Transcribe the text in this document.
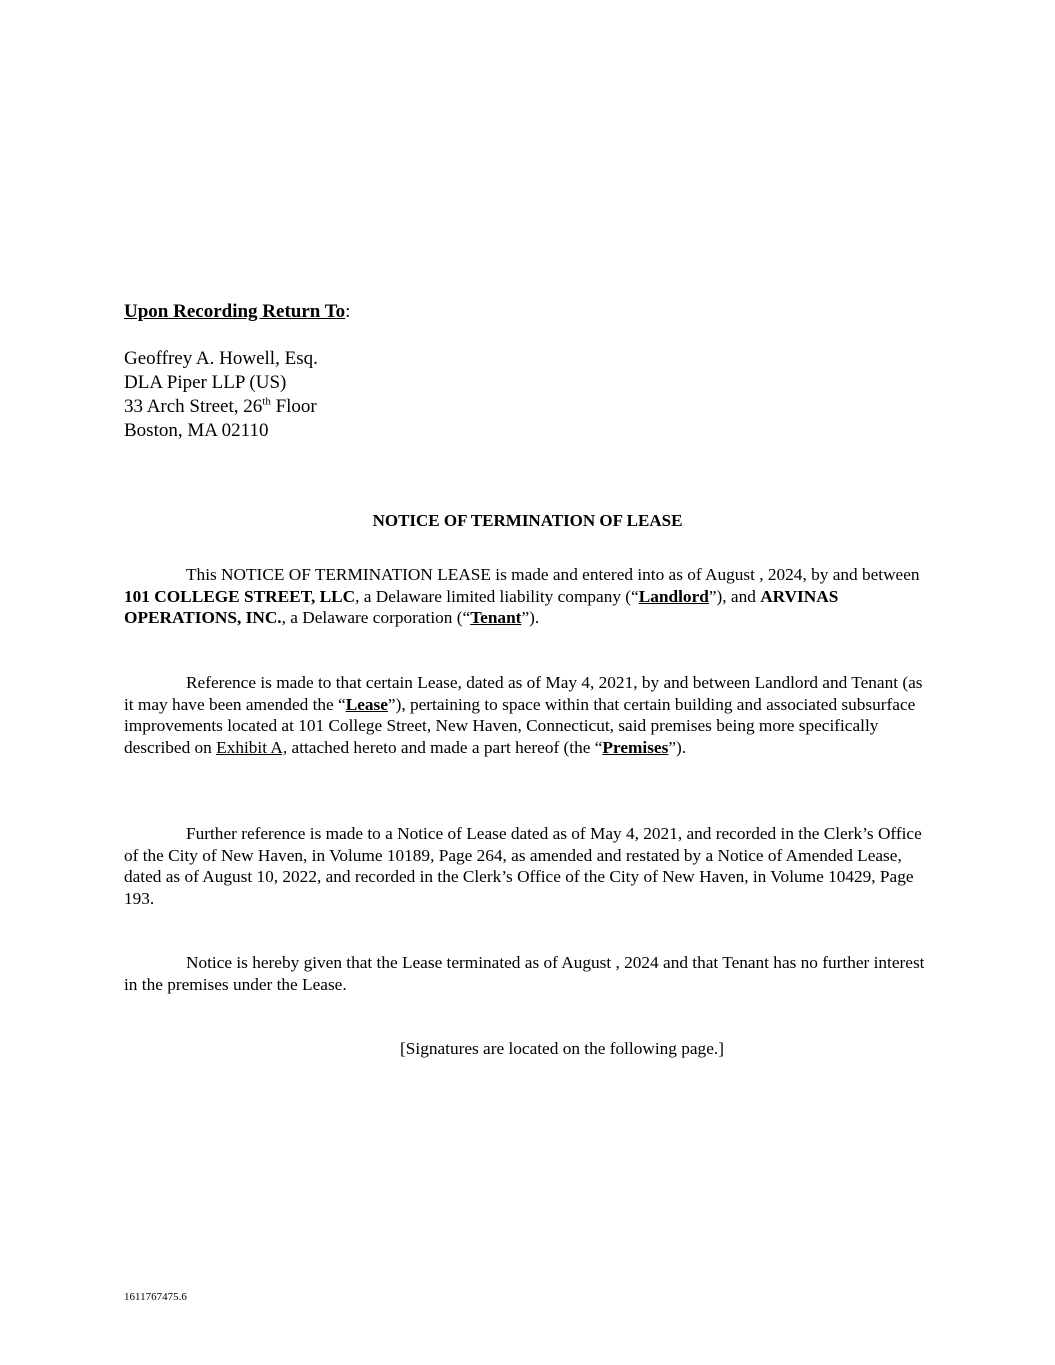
Upon Recording Return To:
Geoffrey A. Howell, Esq.
DLA Piper LLP (US)
33 Arch Street, 26th Floor
Boston, MA 02110
NOTICE OF TERMINATION OF LEASE
This NOTICE OF TERMINATION LEASE is made and entered into as of August , 2024, by and between 101 COLLEGE STREET, LLC, a Delaware limited liability company (“Landlord”), and ARVINAS OPERATIONS, INC., a Delaware corporation (“Tenant”).
Reference is made to that certain Lease, dated as of May 4, 2021, by and between Landlord and Tenant (as it may have been amended the “Lease”), pertaining to space within that certain building and associated subsurface improvements located at 101 College Street, New Haven, Connecticut, said premises being more specifically described on Exhibit A, attached hereto and made a part hereof (the “Premises”).
Further reference is made to a Notice of Lease dated as of May 4, 2021, and recorded in the Clerk’s Office of the City of New Haven, in Volume 10189, Page 264, as amended and restated by a Notice of Amended Lease, dated as of August 10, 2022, and recorded in the Clerk’s Office of the City of New Haven, in Volume 10429, Page 193.
Notice is hereby given that the Lease terminated as of August , 2024 and that Tenant has no further interest in the premises under the Lease.
[Signatures are located on the following page.]
1611767475.6
